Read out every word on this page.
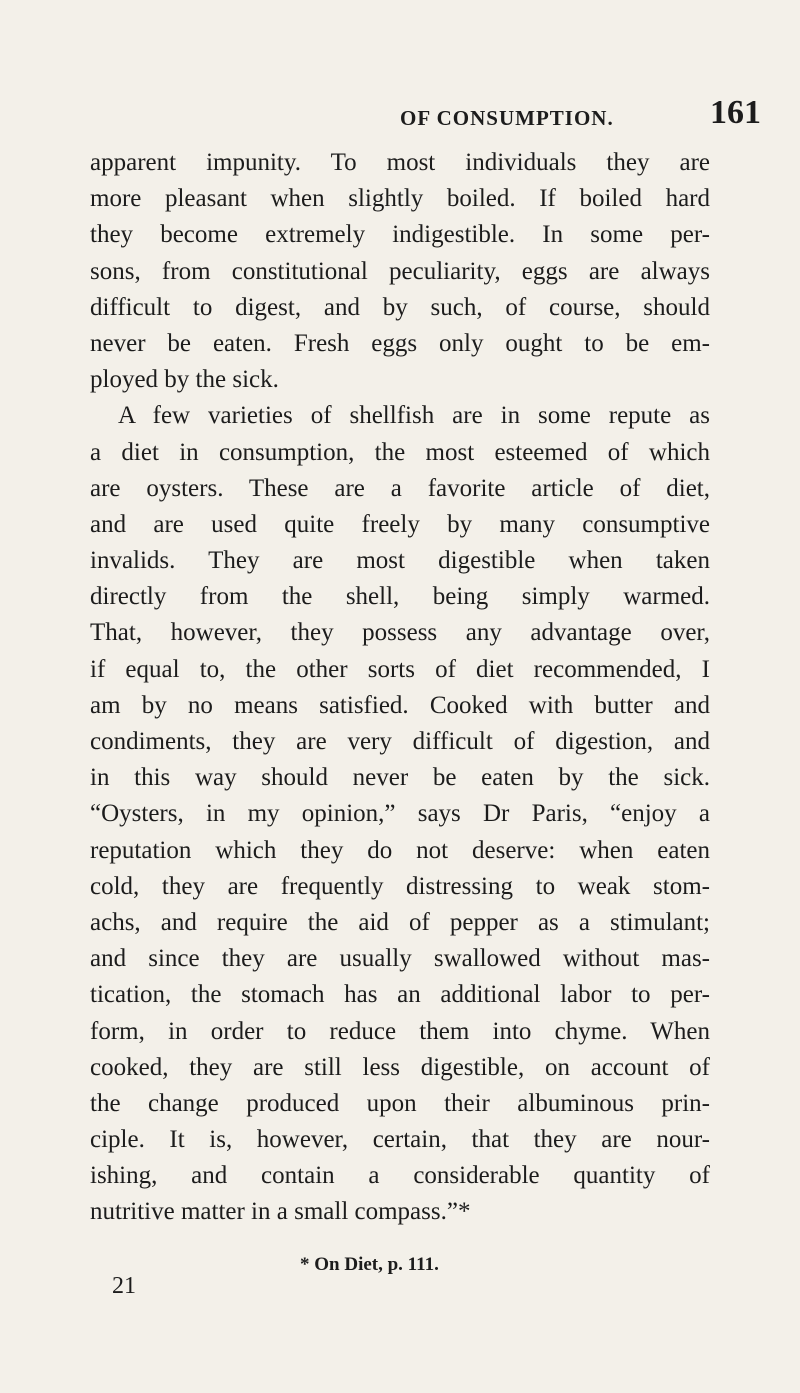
OF CONSUMPTION.	161
apparent impunity. To most individuals they are
more pleasant when slightly boiled. If boiled hard
they become extremely indigestible. In some per-
sons, from constitutional peculiarity, eggs are always
difficult to digest, and by such, of course, should
never be eaten. Fresh eggs only ought to be em-
ployed by the sick.
A few varieties of shellfish are in some repute as
a diet in consumption, the most esteemed of which
are oysters. These are a favorite article of diet,
and are used quite freely by many consumptive
invalids. They are most digestible when taken
directly from the shell, being simply warmed.
That, however, they possess any advantage over,
if equal to, the other sorts of diet recommended, I
am by no means satisfied. Cooked with butter and
condiments, they are very difficult of digestion, and
in this way should never be eaten by the sick.
“Oysters, in my opinion,” says Dr Paris, “enjoy a
reputation which they do not deserve: when eaten
cold, they are frequently distressing to weak stom-
achs, and require the aid of pepper as a stimulant;
and since they are usually swallowed without mas-
tication, the stomach has an additional labor to per-
form, in order to reduce them into chyme. When
cooked, they are still less digestible, on account of
the change produced upon their albuminous prin-
ciple. It is, however, certain, that they are nour-
ishing, and contain a considerable quantity of
nutritive matter in a small compass.”*
* On Diet, p. 111.
21
